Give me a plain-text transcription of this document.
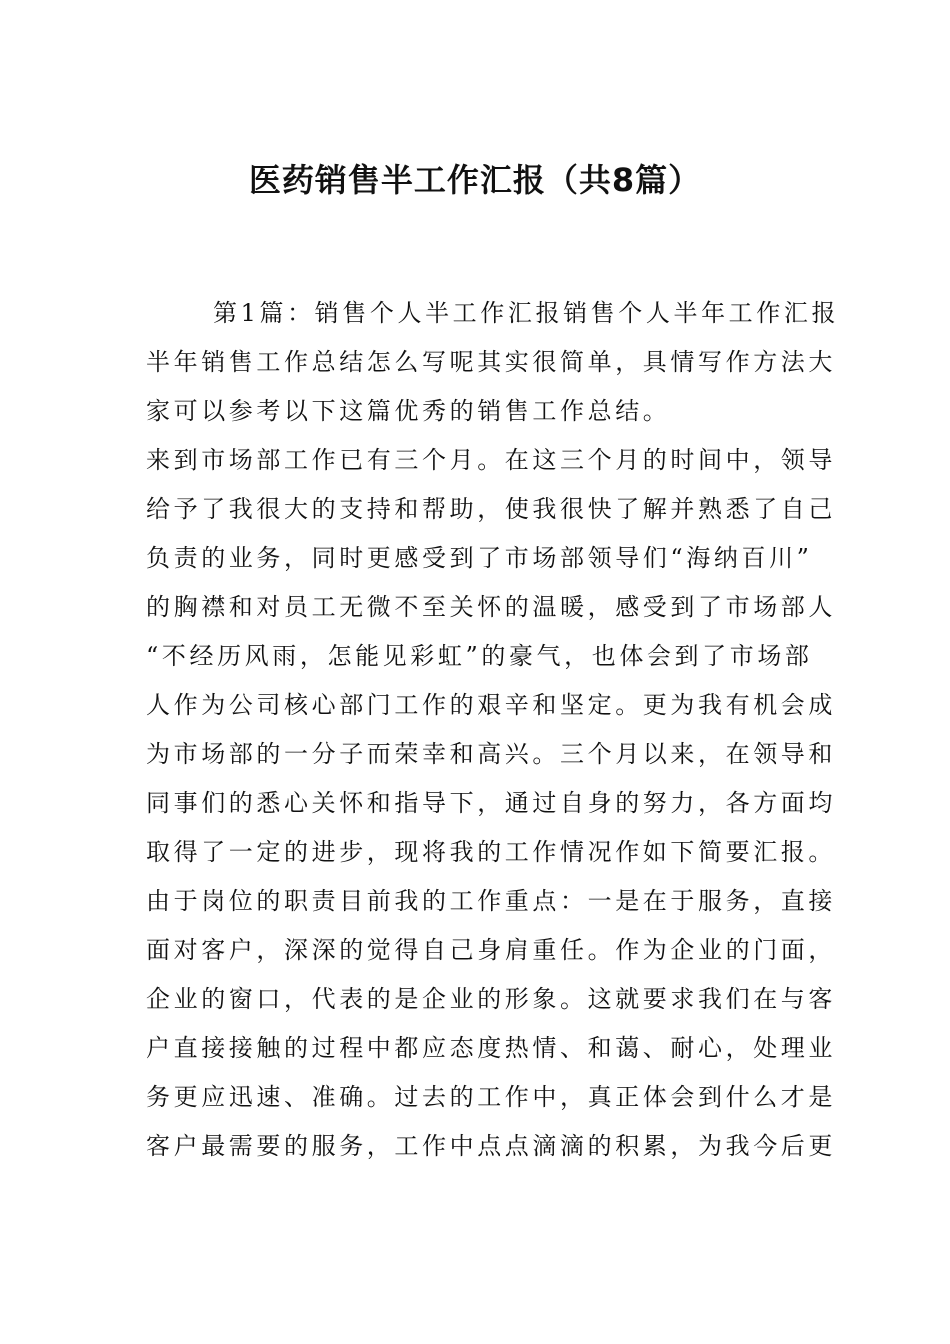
医药销售半工作汇报（共8篇）
第1篇：销售个人半工作汇报销售个人半年工作汇报
半年销售工作总结怎么写呢其实很简单，具情写作方法大
家可以参考以下这篇优秀的销售工作总结。
来到市场部工作已有三个月。在这三个月的时间中，领导
给予了我很大的支持和帮助，使我很快了解并熟悉了自己
负责的业务，同时更感受到了市场部领导们“海纳百川”
的胸襟和对员工无微不至关怀的温暖，感受到了市场部人
“不经历风雨，怎能见彩虹”的豪气，也体会到了市场部
人作为公司核心部门工作的艰辛和坚定。更为我有机会成
为市场部的一分子而荣幸和高兴。三个月以来，在领导和
同事们的悉心关怀和指导下，通过自身的努力，各方面均
取得了一定的进步，现将我的工作情况作如下简要汇报。
由于岗位的职责目前我的工作重点：一是在于服务，直接
面对客户，深深的觉得自己身肩重任。作为企业的门面，
企业的窗口，代表的是企业的形象。这就要求我们在与客
户直接接触的过程中都应态度热情、和蔼、耐心，处理业
务更应迅速、准确。过去的工作中，真正体会到什么才是
客户最需要的服务，工作中点点滴滴的积累，为我今后更
